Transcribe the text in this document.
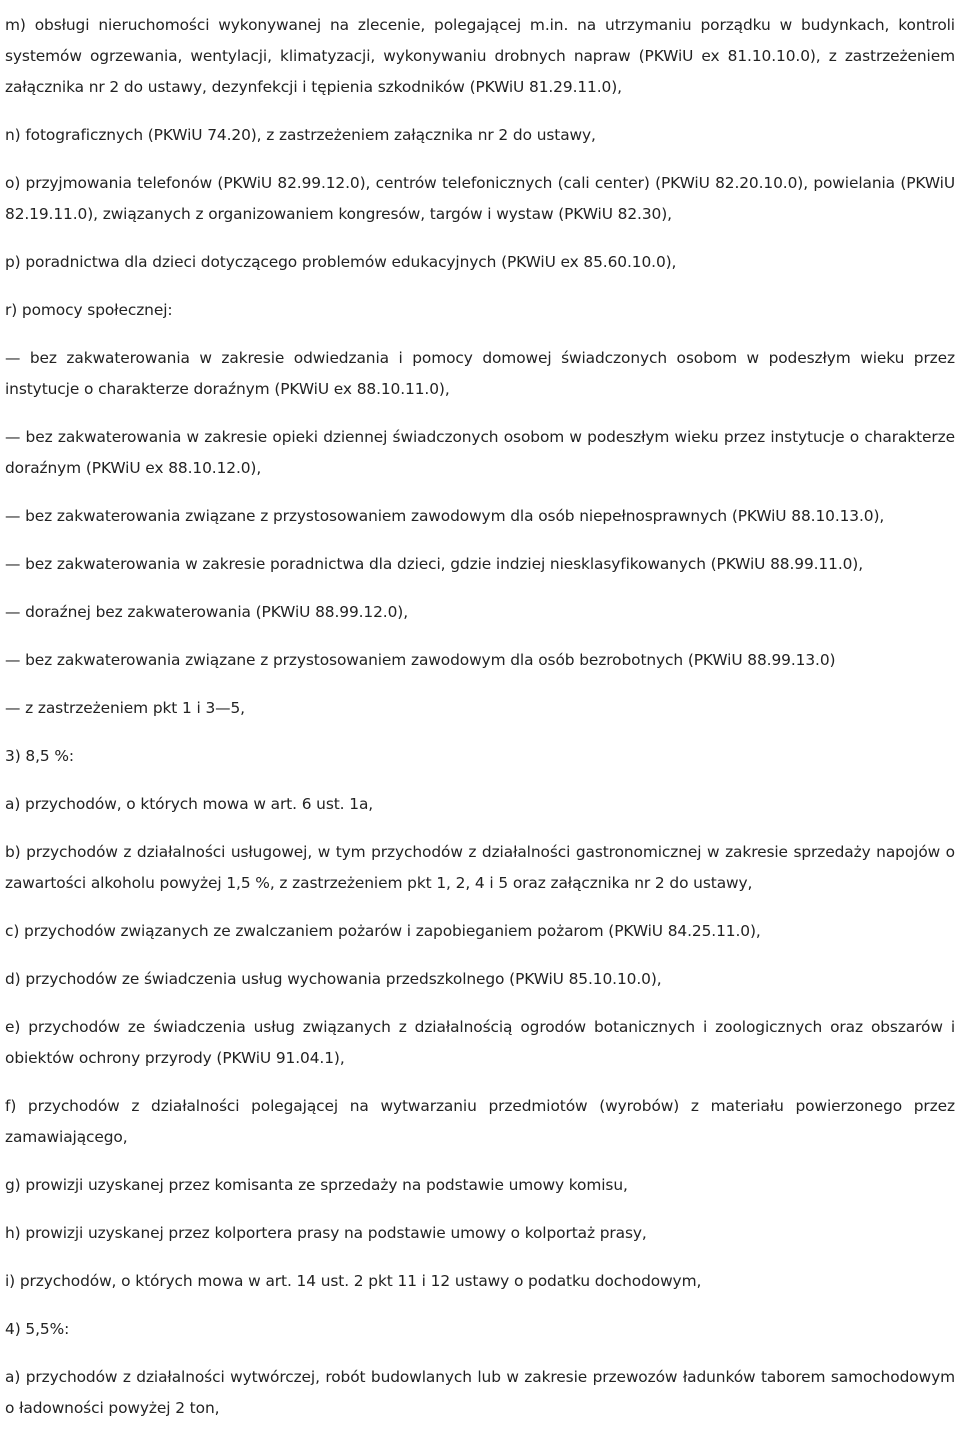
m) obsługi nieruchomości wykonywanej na zlecenie, polegającej m.in. na utrzymaniu porządku w budynkach, kontroli systemów ogrzewania, wentylacji, klimatyzacji, wykonywaniu drobnych napraw (PKWiU ex 81.10.10.0), z zastrzeżeniem załącznika nr 2 do ustawy, dezynfekcji i tępienia szkodników (PKWiU 81.29.11.0),

n) fotograficznych (PKWiU 74.20), z zastrzeżeniem załącznika nr 2 do ustawy,

o) przyjmowania telefonów (PKWiU 82.99.12.0), centrów telefonicznych (cali center) (PKWiU 82.20.10.0), powielania (PKWiU 82.19.11.0), związanych z organizowaniem kongresów, targów i wystaw (PKWiU 82.30),

p) poradnictwa dla dzieci dotyczącego problemów edukacyjnych (PKWiU ex 85.60.10.0),

r) pomocy społecznej:

— bez zakwaterowania w zakresie odwiedzania i pomocy domowej świadczonych osobom w podeszłym wieku przez instytucje o charakterze doraźnym (PKWiU ex 88.10.11.0),

— bez zakwaterowania w zakresie opieki dziennej świadczonych osobom w podeszłym wieku przez instytucje o charakterze doraźnym (PKWiU ex 88.10.12.0),

— bez zakwaterowania związane z przystosowaniem zawodowym dla osób niepełnosprawnych (PKWiU 88.10.13.0),

— bez zakwaterowania w zakresie poradnictwa dla dzieci, gdzie indziej niesklasyfikowanych (PKWiU 88.99.11.0),

— doraźnej bez zakwaterowania (PKWiU 88.99.12.0),

— bez zakwaterowania związane z przystosowaniem zawodowym dla osób bezrobotnych (PKWiU 88.99.13.0)

— z zastrzeżeniem pkt 1 i 3—5,

3) 8,5 %:

a) przychodów, o których mowa w art. 6 ust. 1a,

b) przychodów z działalności usługowej, w tym przychodów z działalności gastronomicznej w zakresie sprzedaży napojów o zawartości alkoholu powyżej 1,5 %, z zastrzeżeniem pkt 1, 2, 4 i 5 oraz załącznika nr 2 do ustawy,

c) przychodów związanych ze zwalczaniem pożarów i zapobieganiem pożarom (PKWiU 84.25.11.0),

d) przychodów ze świadczenia usług wychowania przedszkolnego (PKWiU 85.10.10.0),

e) przychodów ze świadczenia usług związanych z działalnością ogrodów botanicznych i zoologicznych oraz obszarów i obiektów ochrony przyrody (PKWiU 91.04.1),

f) przychodów z działalności polegającej na wytwarzaniu przedmiotów (wyrobów) z materiału powierzonego przez zamawiającego,

g) prowizji uzyskanej przez komisanta ze sprzedaży na podstawie umowy komisu,

h) prowizji uzyskanej przez kolportera prasy na podstawie umowy o kolportaż prasy,

i) przychodów, o których mowa w art. 14 ust. 2 pkt 11 i 12 ustawy o podatku dochodowym,

4) 5,5%:

a) przychodów z działalności wytwórczej, robót budowlanych lub w zakresie przewozów ładunków taborem samochodowym o ładowności powyżej 2 ton,
